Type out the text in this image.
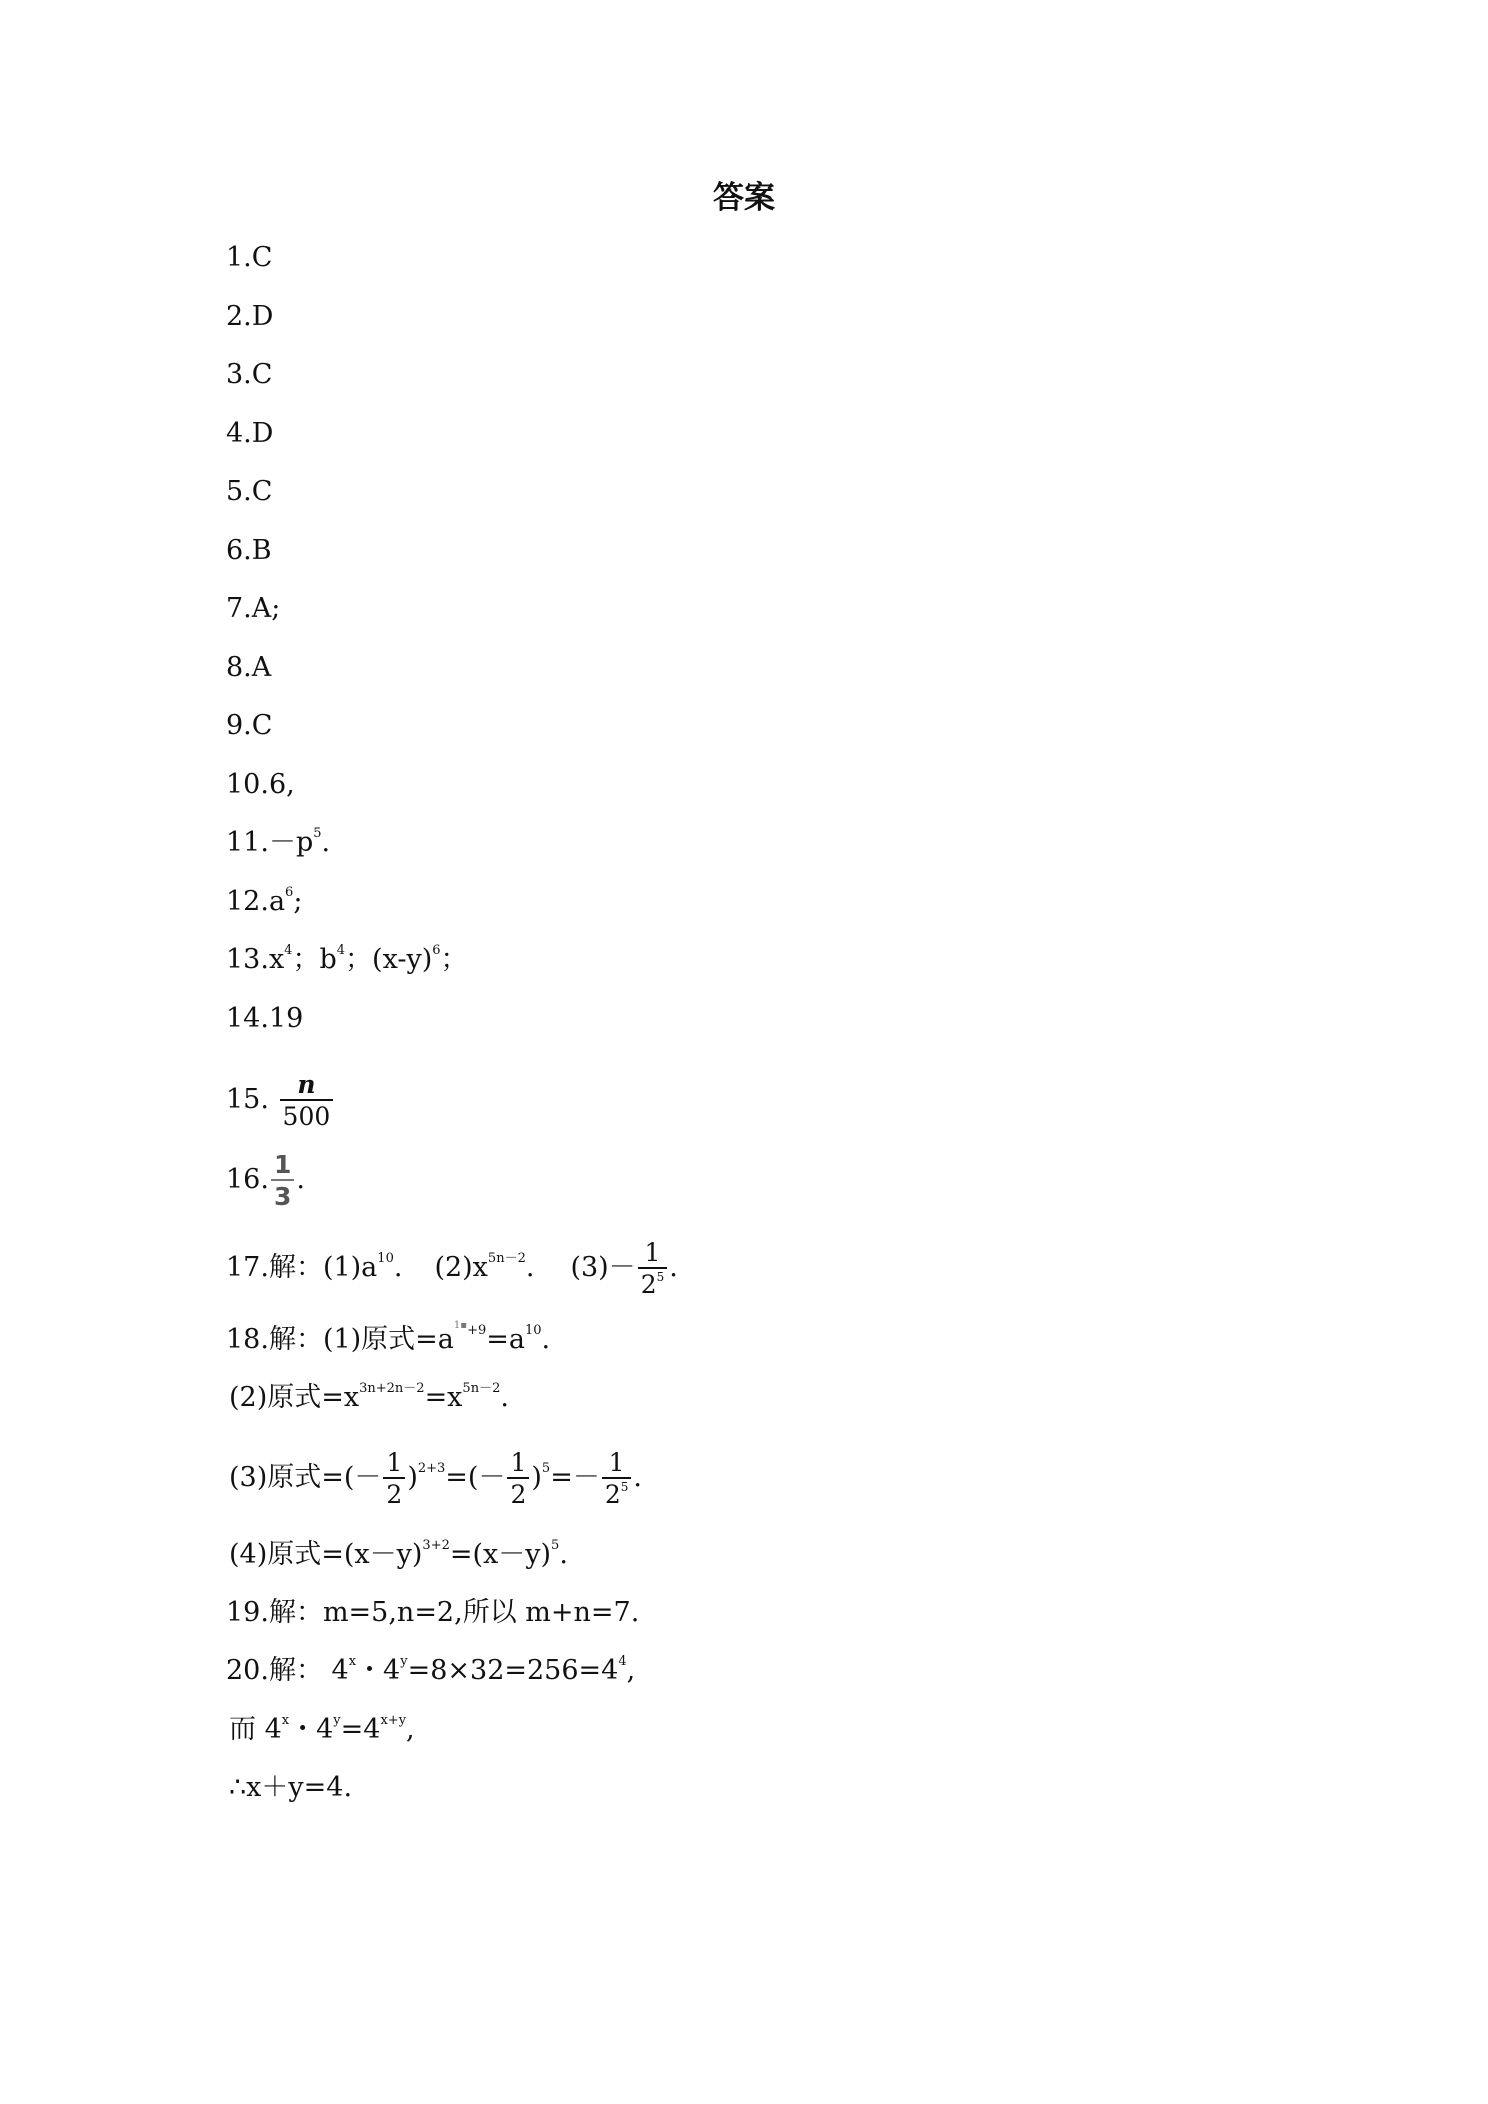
答案
1.C
2.D
3.C
4.D
5.C
6.B
7.A;
8.A
9.C
10.6,
$11.-p^5$.
$12.a^6$;
$13.x^4$；$b^4$；$(x-y)^6$；
14.19
15. $\frac{n}{500}$
16. $\frac{1}{3}$ .
17.解：$(1)a^{10}$. $(2)x^{5n-2}$. $(3)- \frac{1}{2^5}$ .
18.解：(1)原式$=a^{^{1▪}+9}=a^{10}$.
(2)原式$=x^{3n+2n-2}=x^{5n-2}$.
(3)原式=(－ $\frac{1}{2} )^{2+3}=(- \frac{1}{2} )^5=- \frac{1}{2^5}$ .
(4)原式$=(x-y)^{3+2}=(x-y)^5$.
19.解：m=5,n=2,所以 m+n=7.
20.解： 4$^x$・$4^y=8\times 32=256=4^4$,
而 4$^x$・$4^y=4^{x+y}$,
∴x＋y=4.
